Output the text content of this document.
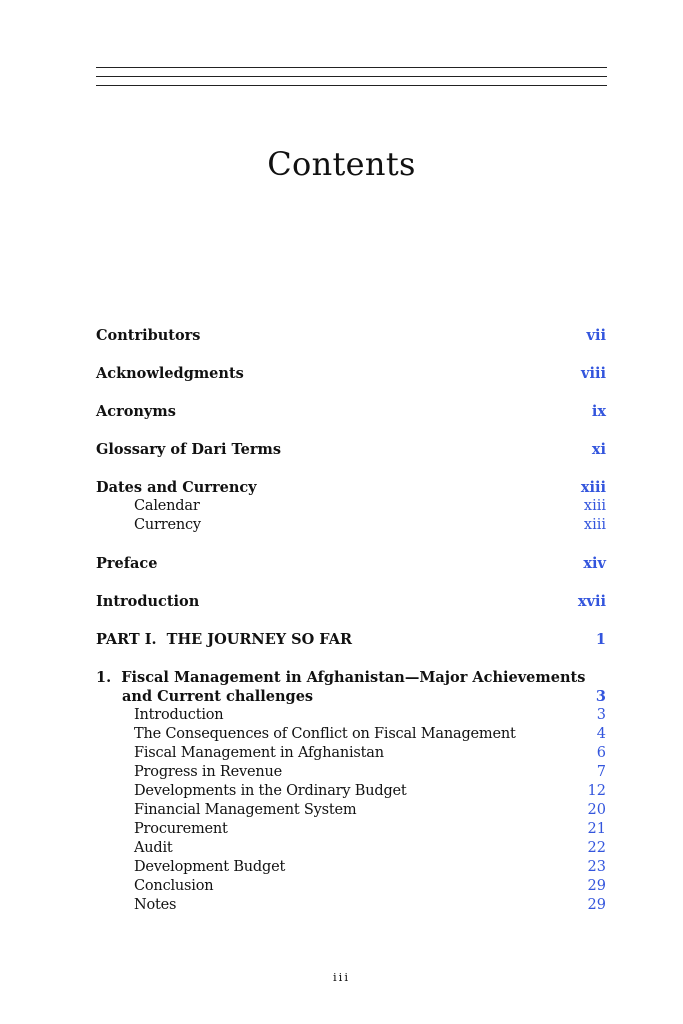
Contents
Contributors	vii
Acknowledgments	viii
Acronyms	ix
Glossary of Dari Terms	xi
Dates and Currency	xiii
Calendar	xiii
Currency	xiii
Preface	xiv
Introduction	xvii
PART I.  THE JOURNEY SO FAR	1
1.  Fiscal Management in Afghanistan—Major Achievements
and Current challenges	3
Introduction	3
The Consequences of Conflict on Fiscal Management	4
Fiscal Management in Afghanistan	6
Progress in Revenue	7
Developments in the Ordinary Budget	12
Financial Management System	20
Procurement	21
Audit	22
Development Budget	23
Conclusion	29
Notes	29
iii
